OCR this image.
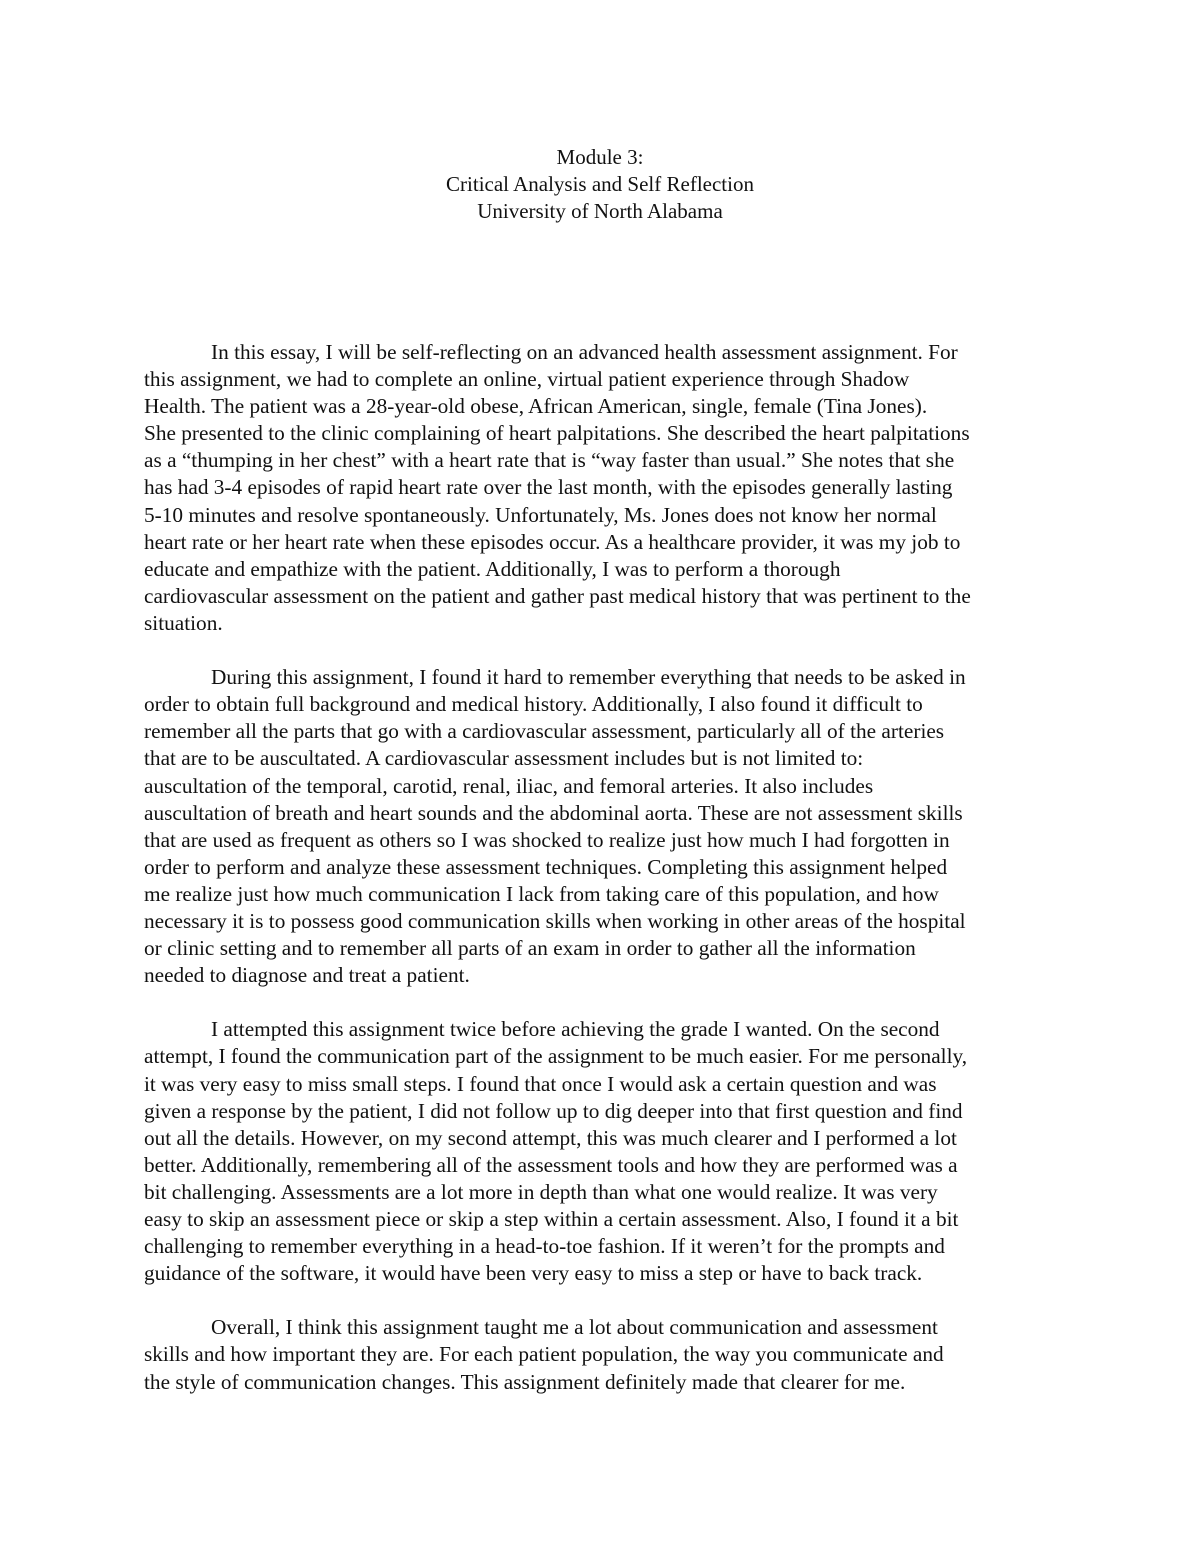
Module 3:
Critical Analysis and Self Reflection
University of North Alabama
In this essay, I will be self-reflecting on an advanced health assessment assignment. For
this assignment, we had to complete an online, virtual patient experience through Shadow
Health. The patient was a 28-year-old obese, African American, single, female (Tina Jones).
She presented to the clinic complaining of heart palpitations. She described the heart palpitations
as a “thumping in her chest” with a heart rate that is “way faster than usual.” She notes that she
has had 3-4 episodes of rapid heart rate over the last month, with the episodes generally lasting
5-10 minutes and resolve spontaneously. Unfortunately, Ms. Jones does not know her normal
heart rate or her heart rate when these episodes occur. As a healthcare provider, it was my job to
educate and empathize with the patient. Additionally, I was to perform a thorough
cardiovascular assessment on the patient and gather past medical history that was pertinent to the
situation.
During this assignment, I found it hard to remember everything that needs to be asked in
order to obtain full background and medical history. Additionally, I also found it difficult to
remember all the parts that go with a cardiovascular assessment, particularly all of the arteries
that are to be auscultated. A cardiovascular assessment includes but is not limited to:
auscultation of the temporal, carotid, renal, iliac, and femoral arteries. It also includes
auscultation of breath and heart sounds and the abdominal aorta. These are not assessment skills
that are used as frequent as others so I was shocked to realize just how much I had forgotten in
order to perform and analyze these assessment techniques. Completing this assignment helped
me realize just how much communication I lack from taking care of this population, and how
necessary it is to possess good communication skills when working in other areas of the hospital
or clinic setting and to remember all parts of an exam in order to gather all the information
needed to diagnose and treat a patient.
I attempted this assignment twice before achieving the grade I wanted. On the second
attempt, I found the communication part of the assignment to be much easier. For me personally,
it was very easy to miss small steps. I found that once I would ask a certain question and was
given a response by the patient, I did not follow up to dig deeper into that first question and find
out all the details. However, on my second attempt, this was much clearer and I performed a lot
better. Additionally, remembering all of the assessment tools and how they are performed was a
bit challenging. Assessments are a lot more in depth than what one would realize. It was very
easy to skip an assessment piece or skip a step within a certain assessment. Also, I found it a bit
challenging to remember everything in a head-to-toe fashion. If it weren’t for the prompts and
guidance of the software, it would have been very easy to miss a step or have to back track.
Overall, I think this assignment taught me a lot about communication and assessment
skills and how important they are. For each patient population, the way you communicate and
the style of communication changes. This assignment definitely made that clearer for me.
